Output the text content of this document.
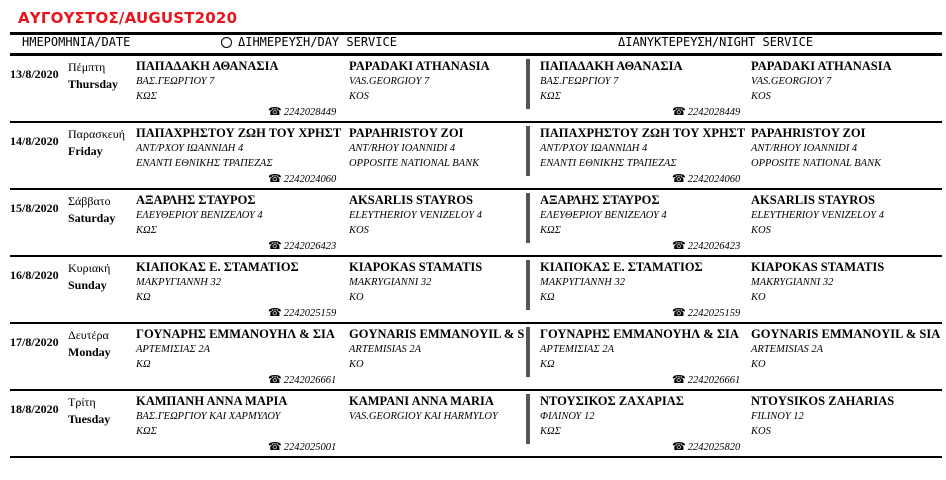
ΑΥΓΟΥΣΤΟΣ/AUGUST2020
ΗΜΕΡΟΜΗΝΙΑ/DATE	ΔΙΗΜΕΡΕΥΣΗ/DAY SERVICE	ΔΙΑΝΥΚΤΕΡΕΥΣΗ/NIGHT SERVICE
13/8/2020 Πέμπτη
Thursday
ΠΑΠΑΔΑΚΗ ΑΘΑΝΑΣΙΑ
ΒΑΣ.ΓΕΩΡΓΙΟΥ 7
ΚΩΣ
PAPADAKI ATHANASIA
VAS.GEORGIOY 7
KOS
☎ 2242028449
ΠΑΠΑΔΑΚΗ ΑΘΑΝΑΣΙΑ
ΒΑΣ.ΓΕΩΡΓΙΟΥ 7
ΚΩΣ
PAPADAKI ATHANASIA
VAS.GEORGIOY 7
KOS
☎ 2242028449
14/8/2020 Παρασκευή
Friday
ΠΑΠΑΧΡΗΣΤΟΥ ΖΩΗ ΤΟΥ ΧΡΗΣΤ
ΑΝΤ/ΡΧΟΥ ΙΩΑΝΝΙΔΗ 4
ΕΝΑΝΤΙ ΕΘΝΙΚΗΣ ΤΡΑΠΕΖΑΣ
PAPAHRISTOY ZOI
ANT/RHOY IOANNIDI 4
OPPOSITE NATIONAL BANK
☎ 2242024060
ΠΑΠΑΧΡΗΣΤΟΥ ΖΩΗ ΤΟΥ ΧΡΗΣΤ
ΑΝΤ/ΡΧΟΥ ΙΩΑΝΝΙΔΗ 4
ΕΝΑΝΤΙ ΕΘΝΙΚΗΣ ΤΡΑΠΕΖΑΣ
PAPAHRISTOY ZOI
ANT/RHOY IOANNIDI 4
OPPOSITE NATIONAL BANK
☎ 2242024060
15/8/2020 Σάββατο
Saturday
ΑΞΑΡΛΗΣ ΣΤΑΥΡΟΣ
ΕΛΕΥΘΕΡΙΟΥ ΒΕΝΙΖΕΛΟΥ 4
ΚΩΣ
AKSARLIS STAYROS
ELEYTHERIOY VENIZELOY 4
KOS
☎ 2242026423
ΑΞΑΡΛΗΣ ΣΤΑΥΡΟΣ
ΕΛΕΥΘΕΡΙΟΥ ΒΕΝΙΖΕΛΟΥ 4
ΚΩΣ
AKSARLIS STAYROS
ELEYTHERIOY VENIZELOY 4
KOS
☎ 2242026423
16/8/2020 Κυριακή
Sunday
ΚΙΑΠΟΚΑΣ Ε. ΣΤΑΜΑΤΙΟΣ
ΜΑΚΡΥΓΙΑΝΝΗ 32
ΚΩ
KIAPOKAS STAMATIS
MAKRYGIANNI 32
KO
☎ 2242025159
ΚΙΑΠΟΚΑΣ Ε. ΣΤΑΜΑΤΙΟΣ
ΜΑΚΡΥΓΙΑΝΝΗ 32
ΚΩ
KIAPOKAS STAMATIS
MAKRYGIANNI 32
KO
☎ 2242025159
17/8/2020 Δευτέρα
Monday
ΓΟΥΝΑΡΗΣ ΕΜΜΑΝΟΥΗΛ & ΣΙΑ
ΑΡΤΕΜΙΣΙΑΣ 2Α
ΚΩ
GOYNARIS EMMANOYIL & S
ARTEMISIAS 2A
KO
☎ 2242026661
ΓΟΥΝΑΡΗΣ ΕΜΜΑΝΟΥΗΛ & ΣΙΑ
ΑΡΤΕΜΙΣΙΑΣ 2Α
ΚΩ
GOYNARIS EMMANOYIL & SIA
ARTEMISIAS 2A
KO
☎ 2242026661
18/8/2020 Τρίτη
Tuesday
ΚΑΜΠΑΝΗ ΑΝΝΑ ΜΑΡΙΑ
ΒΑΣ.ΓΕΩΡΓΙΟΥ ΚΑΙ ΧΑΡΜΥΛΟΥ
ΚΩΣ
KAMPANI ANNA MARIA
VAS.GEORGIOY KAI HARMYLOY
☎ 2242025001
ΝΤΟΥΣΙΚΟΣ ΖΑΧΑΡΙΑΣ
ΦΙΛΙΝΟΥ 12
ΚΩΣ
NTOYSIKOS ZAHARIAS
FILINOY 12
KOS
☎ 2242025820
